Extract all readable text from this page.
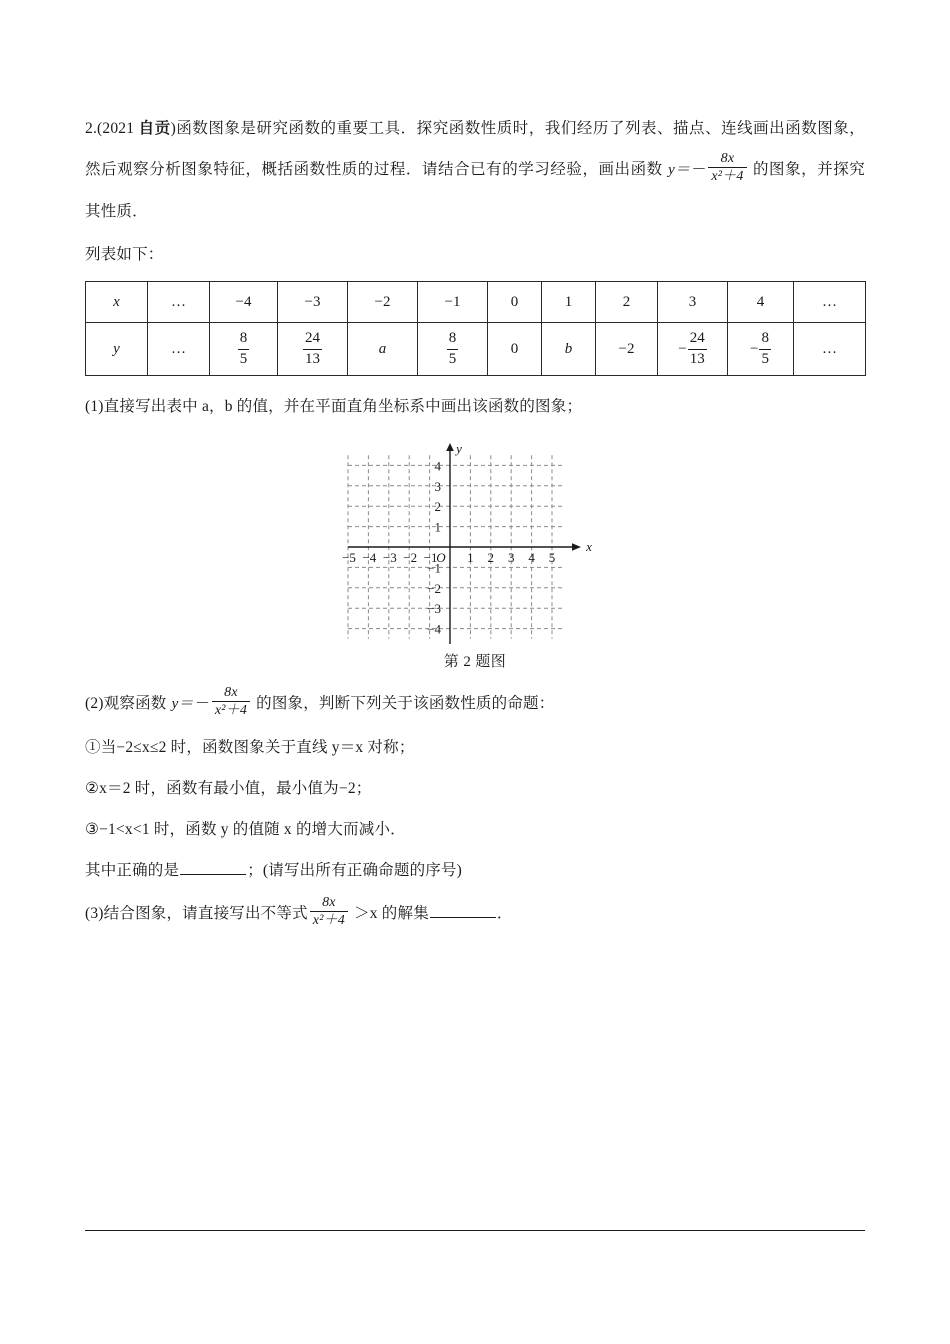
2.(2021 自贡)函数图象是研究函数的重要工具．探究函数性质时，我们经历了列表、描点、连线画出函数图象，然后观察分析图象特征，概括函数性质的过程．请结合已有的学习经验，画出函数 $y=- \frac{8x}{\text{x²＋4}}$ 的图象，并探究其性质．
列表如下：
x	…	−4	−3	−2	−1	0	1	2	3	4	…
y	…	$\frac{8}{5}$	$\frac{24}{13}$	a	$\frac{8}{5}$	0	b	−2	− $\frac{24}{13}$	− $\frac{8}{5}$	…
(1)直接写出表中 a，b 的值，并在平面直角坐标系中画出该函数的图象；
−5 −4 −3 −2 −1 1 2 3 4 5
4
3
2
1
−1
−2
−3
−4
O
x
y
第 2 题图
(2)观察函数 $y=- \frac{8x}{\text{x²＋4}}$ 的图象，判断下列关于该函数性质的命题：
①当−2≤x≤2 时，函数图象关于直线 y＝x 对称；
②x＝2 时，函数有最小值，最小值为−2；
③−1<x<1 时，函数 y 的值随 x 的增大而减小．
其中正确的是	；(请写出所有正确命题的序号)
(3)结合图象，请直接写出不等式 $\frac{8x}{\text{x²＋4}} >x$ 的解集	．
